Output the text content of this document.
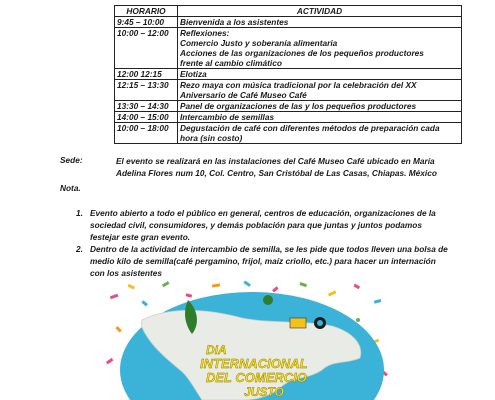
HORARIO	ACTIVIDAD
9:45 – 10:00	Bienvenida a los asistentes

10:00 – 12:00	Reflexiones:
Comercio Justo y soberanía alimentaria
Acciones de las organizaciones de los pequeños productores
frente al cambio climático

12:00 12:15	Elotiza

12:15 – 13:30	Rezo maya con música tradicional por la celebración del XX
Aniversario de Café Museo Café

13:30 – 14:30	Panel de organizaciones de las y los pequeños productores

14:00 – 15:00	Intercambio de semillas

10:00 – 18:00	Degustación de café con diferentes métodos de preparación cada
hora (sin costo)
Sede:	El evento se realizará en las instalaciones del Café Museo Café ubicado en María
Adelina Flores num 10, Col. Centro, San Cristóbal de Las Casas, Chiapas. México
Nota.
1. Evento abierto a todo el público en general, centros de educación, organizaciones de la
sociedad civil, consumidores, y demás población para que juntas y juntos podamos
festejar este gran evento.
2. Dentro de la actividad de intercambio de semilla, se les pide que todos lleven una bolsa de
medio kilo de semilla(café pergamino, frijol, maíz criollo, etc.) para hacer un internación
con los asistentes
DIA
INTERNACIONAL
DEL COMERCIO
JUSTO
